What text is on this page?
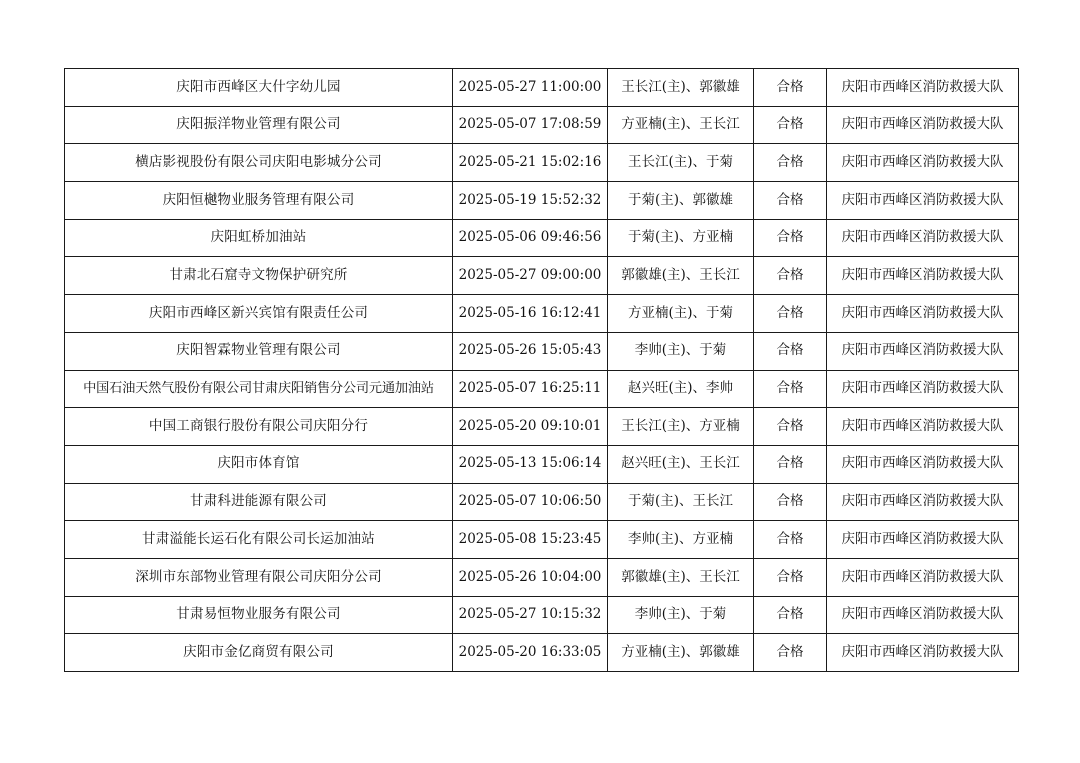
庆阳市西峰区大什字幼儿园	2025-05-27 11:00:00	王长江(主)、郭徽雄	合格	庆阳市西峰区消防救援大队
庆阳振洋物业管理有限公司	2025-05-07 17:08:59	方亚楠(主)、王长江	合格	庆阳市西峰区消防救援大队
横店影视股份有限公司庆阳电影城分公司	2025-05-21 15:02:16	王长江(主)、于菊	合格	庆阳市西峰区消防救援大队
庆阳恒樾物业服务管理有限公司	2025-05-19 15:52:32	于菊(主)、郭徽雄	合格	庆阳市西峰区消防救援大队
庆阳虹桥加油站	2025-05-06 09:46:56	于菊(主)、方亚楠	合格	庆阳市西峰区消防救援大队
甘肃北石窟寺文物保护研究所	2025-05-27 09:00:00	郭徽雄(主)、王长江	合格	庆阳市西峰区消防救援大队
庆阳市西峰区新兴宾馆有限责任公司	2025-05-16 16:12:41	方亚楠(主)、于菊	合格	庆阳市西峰区消防救援大队
庆阳智霖物业管理有限公司	2025-05-26 15:05:43	李帅(主)、于菊	合格	庆阳市西峰区消防救援大队
中国石油天然气股份有限公司甘肃庆阳销售分公司元通加油站	2025-05-07 16:25:11	赵兴旺(主)、李帅	合格	庆阳市西峰区消防救援大队
中国工商银行股份有限公司庆阳分行	2025-05-20 09:10:01	王长江(主)、方亚楠	合格	庆阳市西峰区消防救援大队
庆阳市体育馆	2025-05-13 15:06:14	赵兴旺(主)、王长江	合格	庆阳市西峰区消防救援大队
甘肃科进能源有限公司	2025-05-07 10:06:50	于菊(主)、王长江	合格	庆阳市西峰区消防救援大队
甘肃溢能长运石化有限公司长运加油站	2025-05-08 15:23:45	李帅(主)、方亚楠	合格	庆阳市西峰区消防救援大队
深圳市东部物业管理有限公司庆阳分公司	2025-05-26 10:04:00	郭徽雄(主)、王长江	合格	庆阳市西峰区消防救援大队
甘肃易恒物业服务有限公司	2025-05-27 10:15:32	李帅(主)、于菊	合格	庆阳市西峰区消防救援大队
庆阳市金亿商贸有限公司	2025-05-20 16:33:05	方亚楠(主)、郭徽雄	合格	庆阳市西峰区消防救援大队
